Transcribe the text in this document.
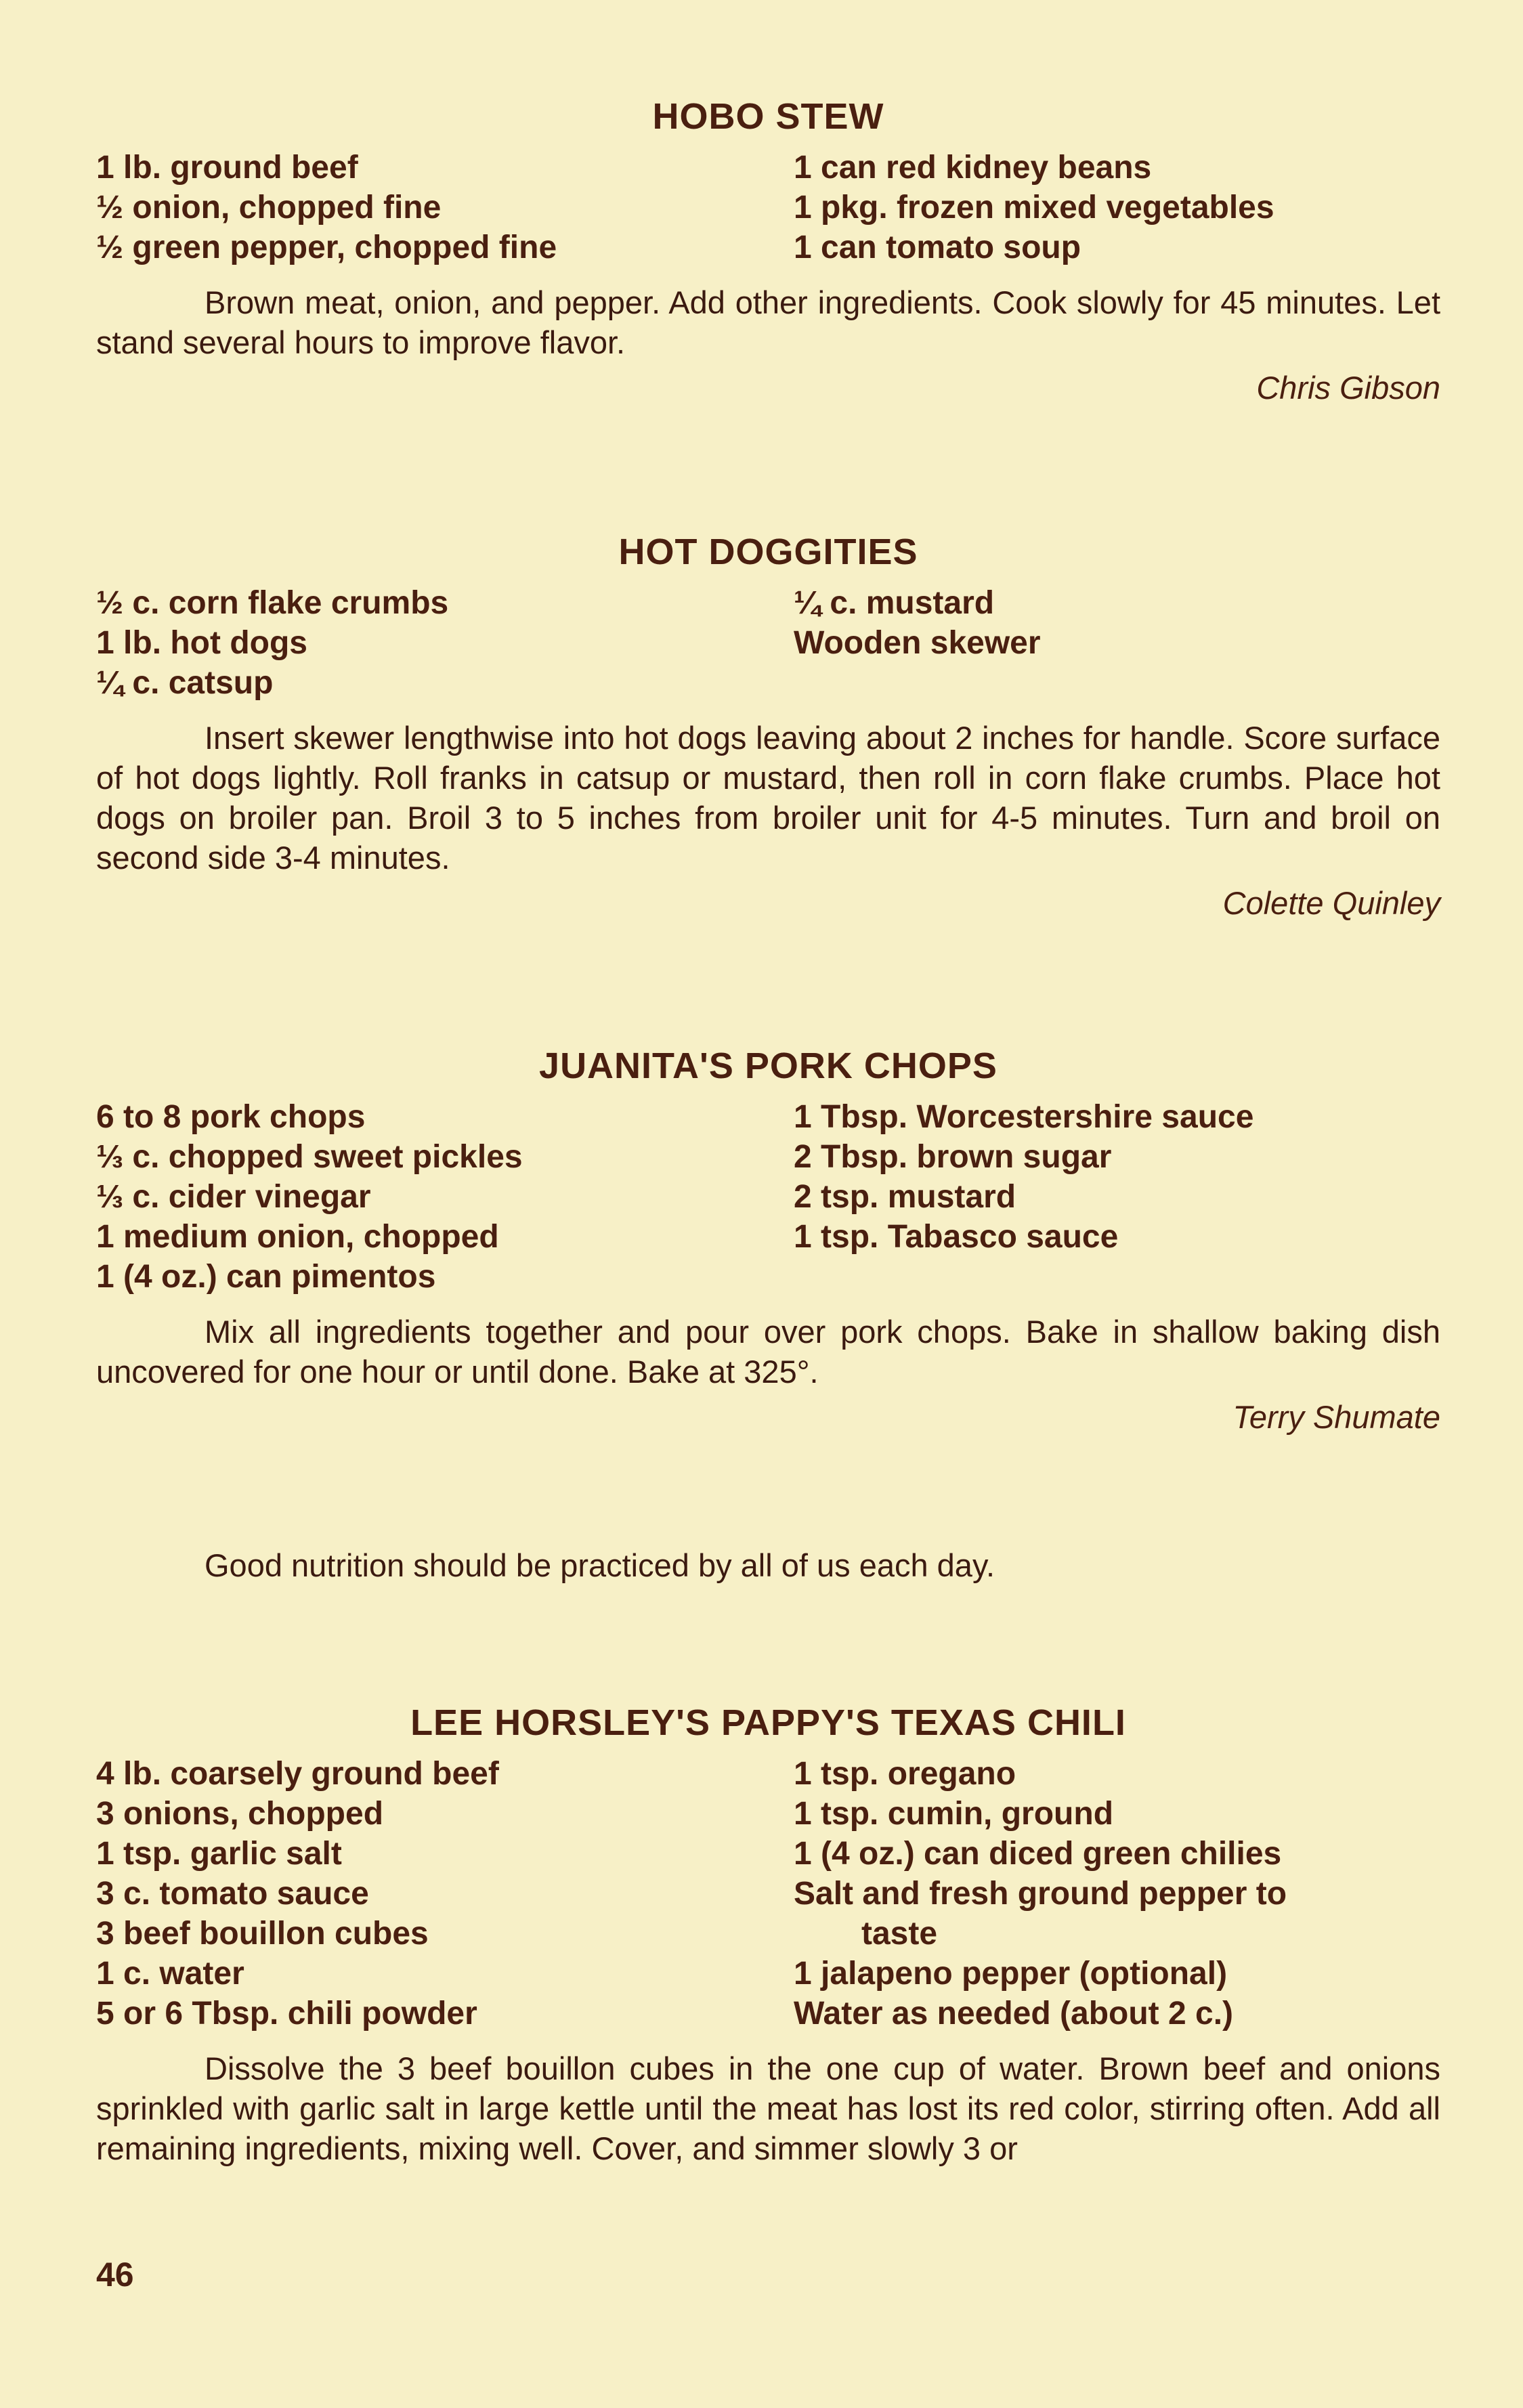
HOBO STEW
1 lb. ground beef
½ onion, chopped fine
½ green pepper, chopped fine
1 can red kidney beans
1 pkg. frozen mixed vegetables
1 can tomato soup

Brown meat, onion, and pepper. Add other ingredients. Cook slowly for 45 minutes. Let stand several hours to improve flavor.

Chris Gibson
HOT DOGGITIES
½ c. corn flake crumbs
1 lb. hot dogs
¼ c. catsup
¼ c. mustard
Wooden skewer

Insert skewer lengthwise into hot dogs leaving about 2 inches for handle. Score surface of hot dogs lightly. Roll franks in catsup or mustard, then roll in corn flake crumbs. Place hot dogs on broiler pan. Broil 3 to 5 inches from broiler unit for 4-5 minutes. Turn and broil on second side 3-4 minutes.

Colette Quinley
JUANITA'S PORK CHOPS
6 to 8 pork chops
⅓ c. chopped sweet pickles
⅓ c. cider vinegar
1 medium onion, chopped
1 (4 oz.) can pimentos
1 Tbsp. Worcestershire sauce
2 Tbsp. brown sugar
2 tsp. mustard
1 tsp. Tabasco sauce

Mix all ingredients together and pour over pork chops. Bake in shallow baking dish uncovered for one hour or until done. Bake at 325°.

Terry Shumate

Good nutrition should be practiced by all of us each day.

LEE HORSLEY'S PAPPY'S TEXAS CHILI
4 lb. coarsely ground beef
3 onions, chopped
1 tsp. garlic salt
3 c. tomato sauce
3 beef bouillon cubes
1 c. water
5 or 6 Tbsp. chili powder
1 tsp. oregano
1 tsp. cumin, ground
1 (4 oz.) can diced green chilies
Salt and fresh ground pepper to
taste
1 jalapeno pepper (optional)
Water as needed (about 2 c.)

Dissolve the 3 beef bouillon cubes in the one cup of water. Brown beef and onions sprinkled with garlic salt in large kettle until the meat has lost its red color, stirring often. Add all remaining ingredients, mixing well. Cover, and simmer slowly 3 or

46
